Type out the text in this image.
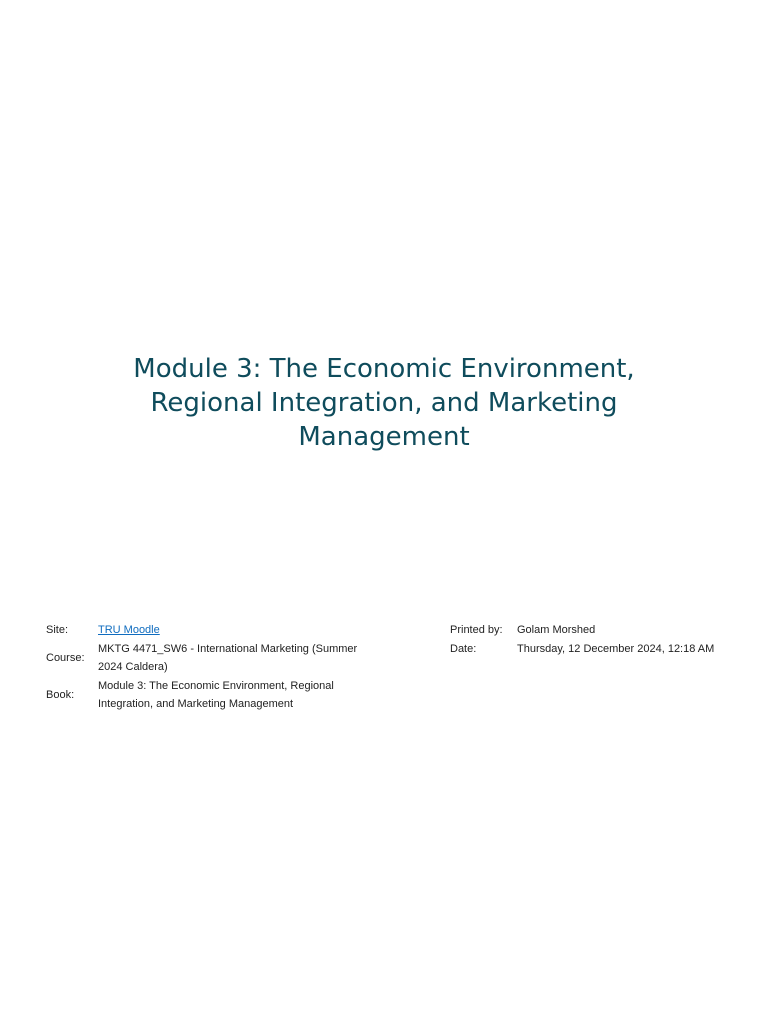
Module 3: The Economic Environment,
Regional Integration, and Marketing
Management
Site:	TRU Moodle
Course:	MKTG 4471_SW6 - International Marketing (Summer 2024 Caldera)
Book:	Module 3: The Economic Environment, Regional Integration, and Marketing Management
Printed by:	Golam Morshed
Date:	Thursday, 12 December 2024, 12:18 AM
